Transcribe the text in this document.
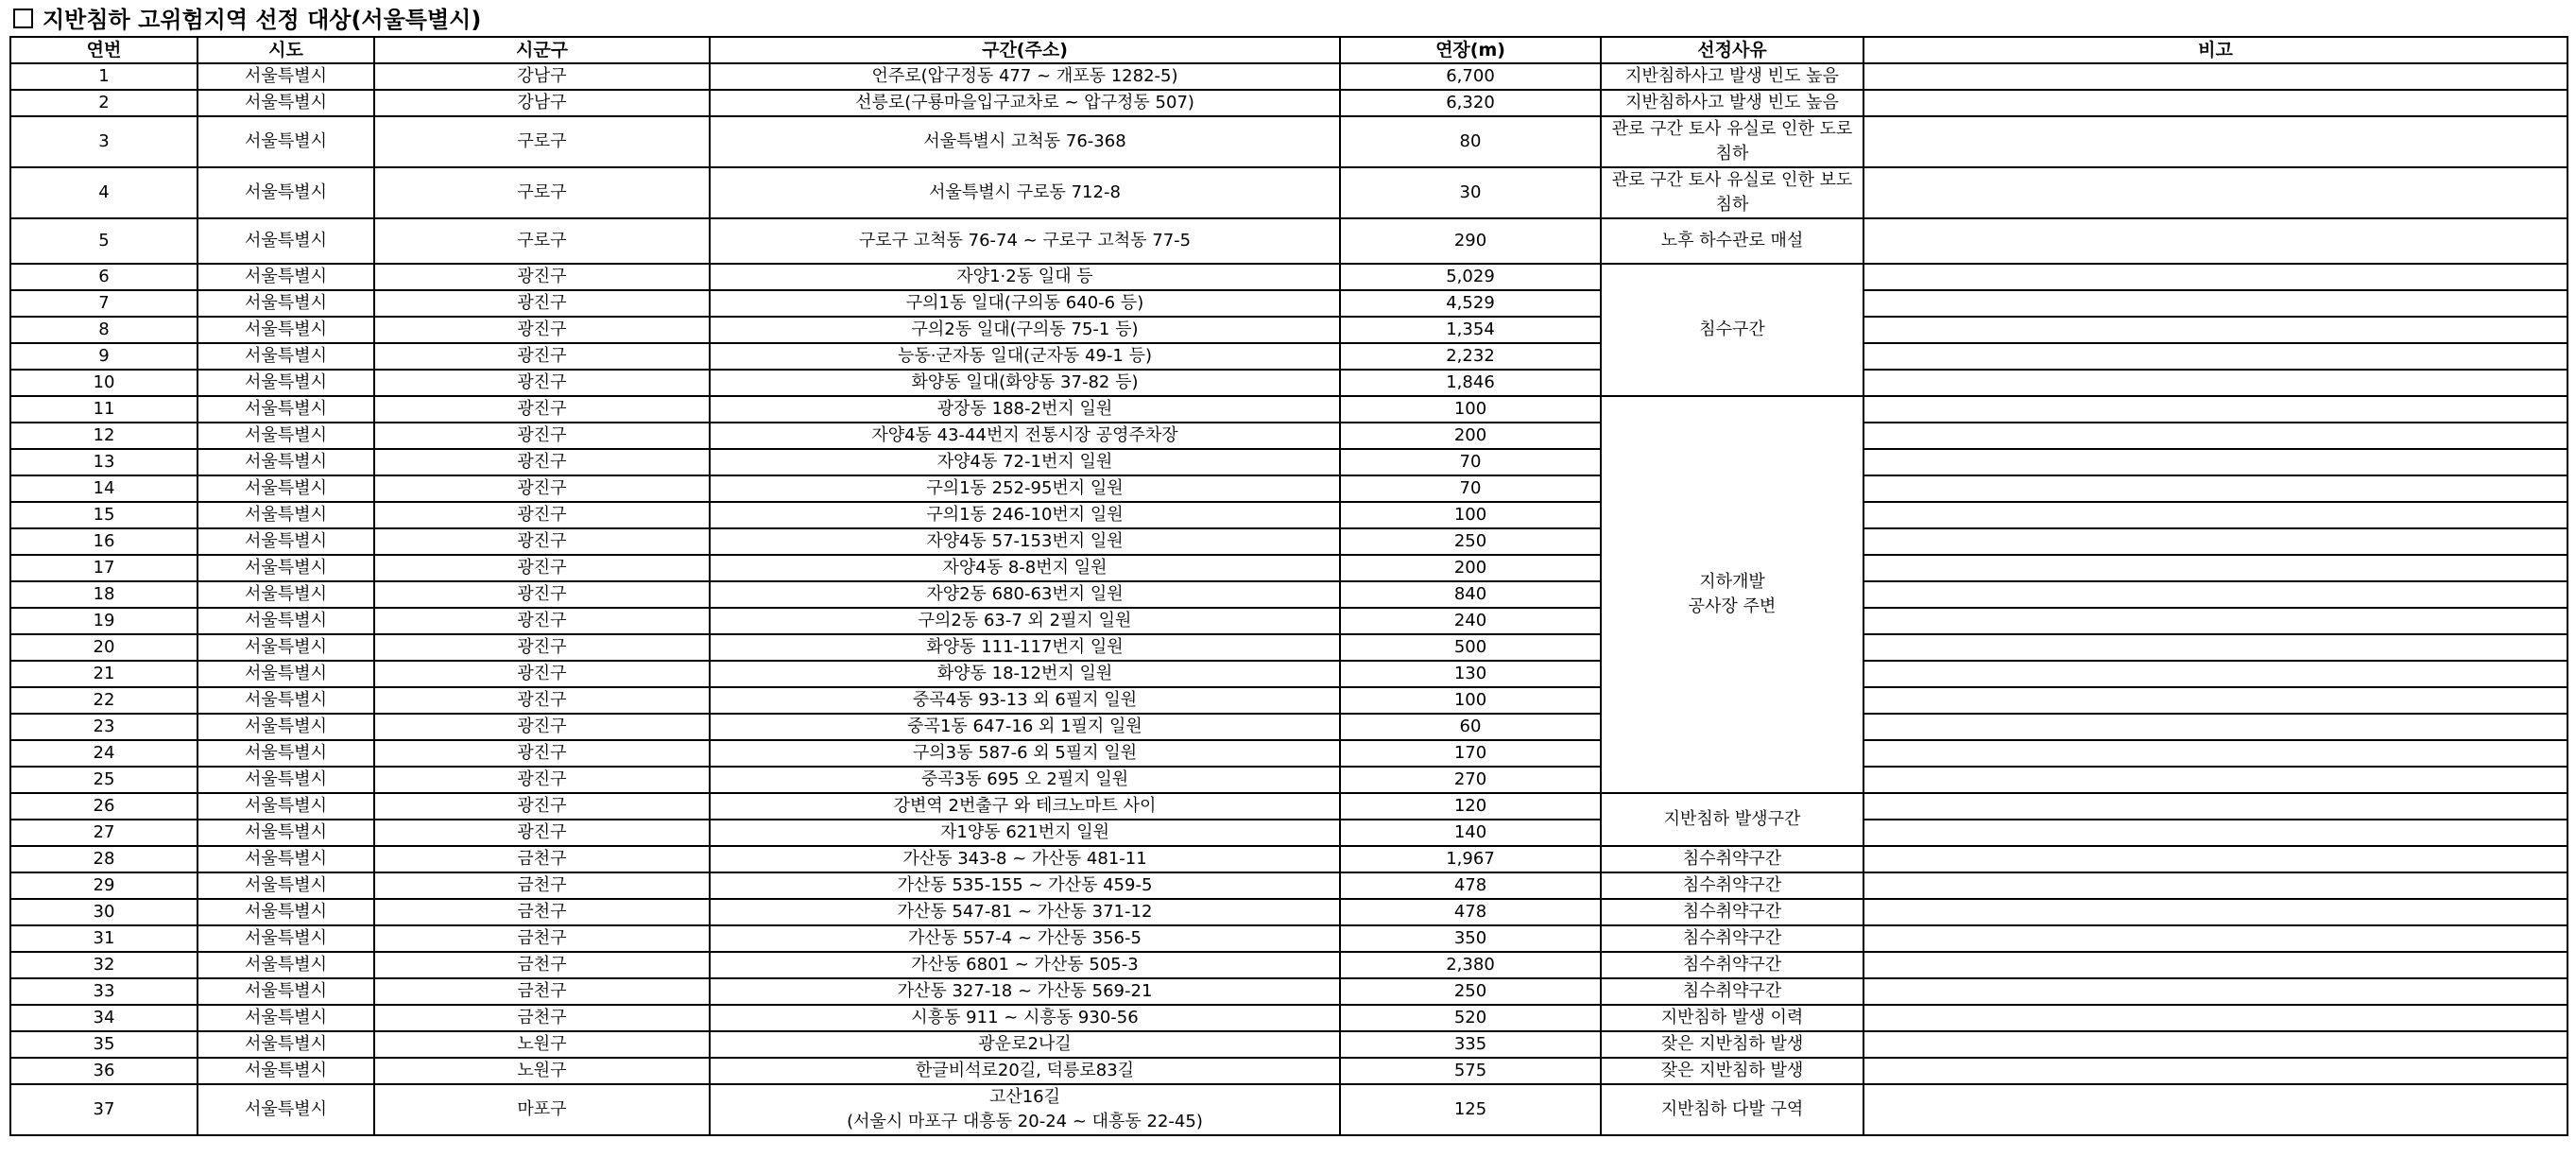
지반침하 고위험지역 선정 대상(서울특별시)
연번	시도	시군구	구간(주소)	연장(m)	선정사유	비고
1	서울특별시	강남구	언주로(압구정동 477 ~ 개포동 1282-5)	6,700	지반침하사고 발생 빈도 높음	
2	서울특별시	강남구	선릉로(구룡마을입구교차로 ~ 압구정동 507)	6,320	지반침하사고 발생 빈도 높음	
3	서울특별시	구로구	서울특별시 고척동 76-368	80	관로 구간 토사 유실로 인한 도로 침하	
4	서울특별시	구로구	서울특별시 구로동 712-8	30	관로 구간 토사 유실로 인한 보도 침하	
5	서울특별시	구로구	구로구 고척동 76-74 ~ 구로구 고척동 77-5	290	노후 하수관로 매설	
6	서울특별시	광진구	자양1·2동 일대 등	5,029	침수구간	
7	서울특별시	광진구	구의1동 일대(구의동 640-6 등)	4,529		
8	서울특별시	광진구	구의2동 일대(구의동 75-1 등)	1,354		
9	서울특별시	광진구	능동·군자동 일대(군자동 49-1 등)	2,232		
10	서울특별시	광진구	화양동 일대(화양동 37-82 등)	1,846		
11	서울특별시	광진구	광장동 188-2번지 일원	100	지하개발
공사장 주변	

12	서울특별시	광진구	자양4동 43-44번지 전통시장 공영주차장	200		
13	서울특별시	광진구	자양4동 72-1번지 일원	70		
14	서울특별시	광진구	구의1동 252-95번지 일원	70		
15	서울특별시	광진구	구의1동 246-10번지 일원	100		
16	서울특별시	광진구	자양4동 57-153번지 일원	250		
17	서울특별시	광진구	자양4동 8-8번지 일원	200		
18	서울특별시	광진구	자양2동 680-63번지 일원	840		
19	서울특별시	광진구	구의2동 63-7 외 2필지 일원	240		
20	서울특별시	광진구	화양동 111-117번지 일원	500		
21	서울특별시	광진구	화양동 18-12번지 일원	130		
22	서울특별시	광진구	중곡4동 93-13 외 6필지 일원	100		
23	서울특별시	광진구	중곡1동 647-16 외 1필지 일원	60		
24	서울특별시	광진구	구의3동 587-6 외 5필지 일원	170		
25	서울특별시	광진구	중곡3동 695 오 2필지 일원	270		
26	서울특별시	광진구	강변역 2번출구 와 테크노마트 사이	120	지반침하 발생구간	
27	서울특별시	광진구	자1양동 621번지 일원	140		
28	서울특별시	금천구	가산동 343-8 ~ 가산동 481-11	1,967	침수취약구간	
29	서울특별시	금천구	가산동 535-155 ~ 가산동 459-5	478	침수취약구간	
30	서울특별시	금천구	가산동 547-81 ~ 가산동 371-12	478	침수취약구간	
31	서울특별시	금천구	가산동 557-4 ~ 가산동 356-5	350	침수취약구간	
32	서울특별시	금천구	가산동 6801 ~ 가산동 505-3	2,380	침수취약구간	
33	서울특별시	금천구	가산동 327-18 ~ 가산동 569-21	250	침수취약구간	
34	서울특별시	금천구	시흥동 911 ~ 시흥동 930-56	520	지반침하 발생 이력	
35	서울특별시	노원구	광운로2나길	335	잦은 지반침하 발생	
36	서울특별시	노원구	한글비석로20길, 덕릉로83길	575	잦은 지반침하 발생	
37	서울특별시	마포구	고산16길
(서울시 마포구 대흥동 20-24 ~ 대흥동 22-45)	125	지반침하 다발 구역	
